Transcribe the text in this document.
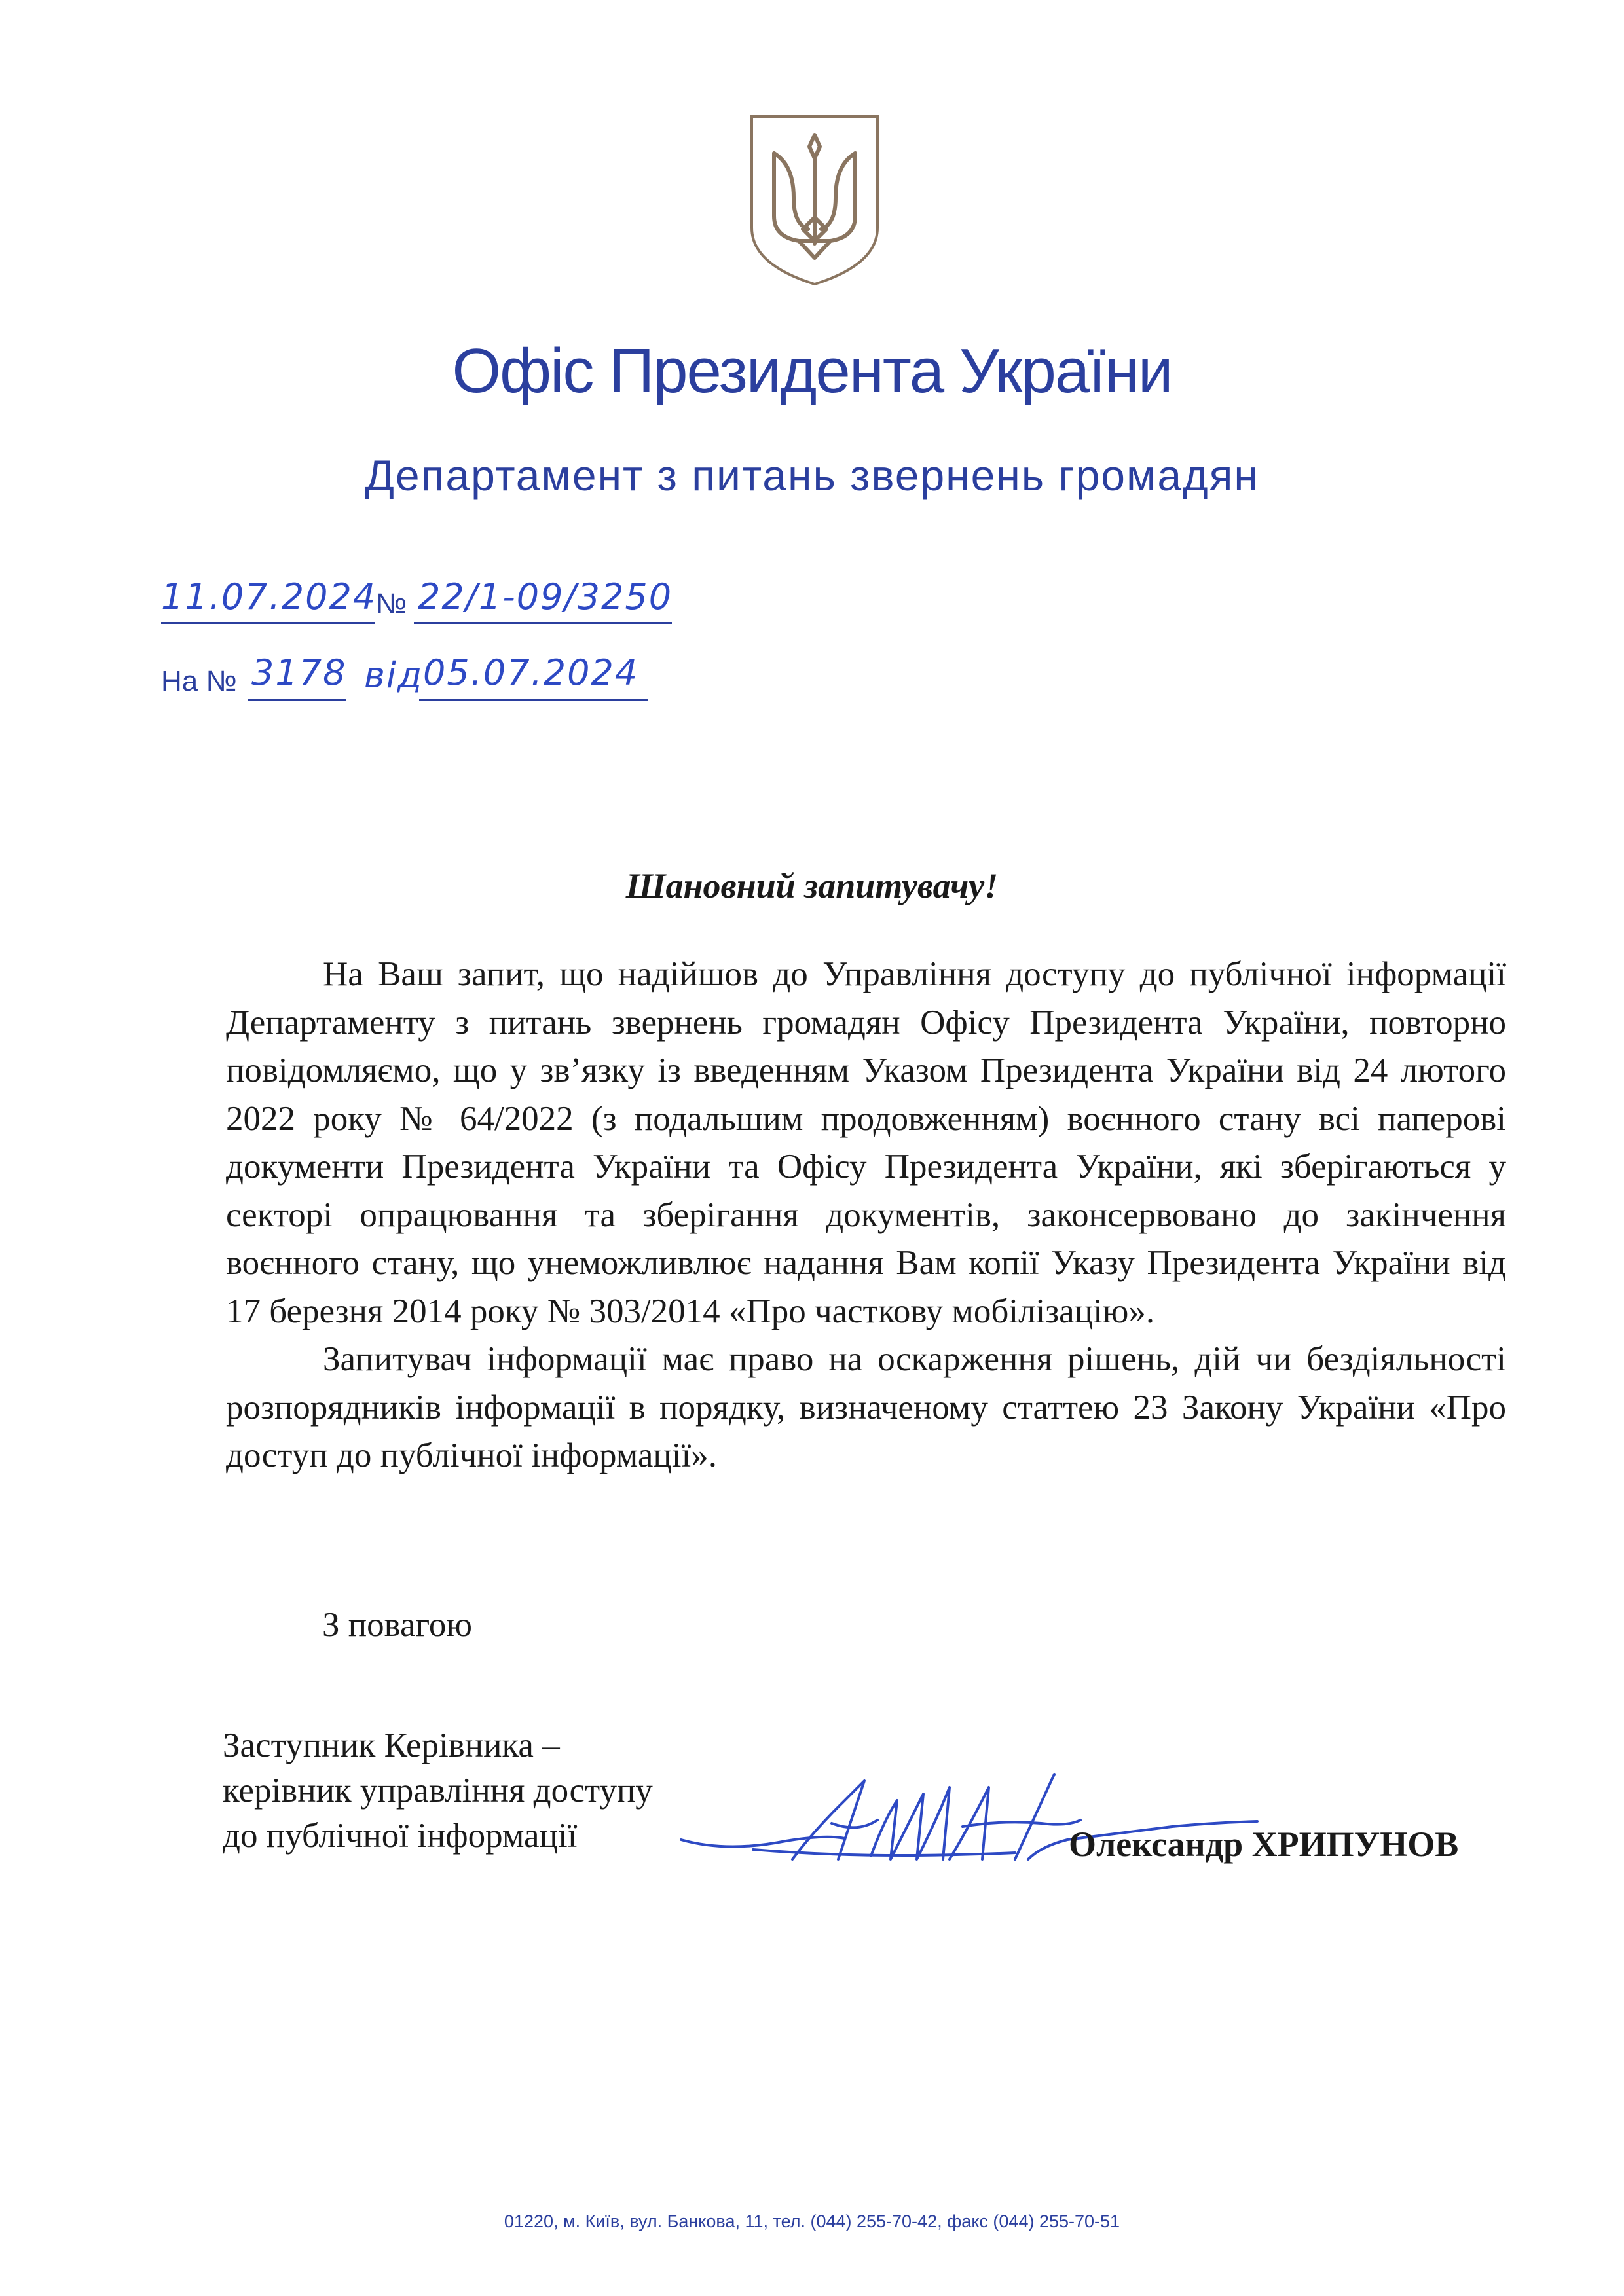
Офіс Президента України
Департамент з питань звернень громадян
11.07.2024
№ 22/1-09/3250
На № 3178 від 05.07.2024
Шановний запитувачу!

На Ваш запит, що надійшов до Управління доступу до публічної інформації Департаменту з питань звернень громадян Офісу Президента України, повторно повідомляємо, що у зв’язку із введенням Указом Президента України від 24 лютого 2022 року № 64/2022 (з подальшим продовженням) воєнного стану всі паперові документи Президента України та Офісу Президента України, які зберігаються у секторі опрацювання та зберігання документів, законсервовано до закінчення воєнного стану, що унеможливлює надання Вам копії Указу Президента України від 17 березня 2014 року № 303/2014 «Про часткову мобілізацію».

Запитувач інформації має право на оскарження рішень, дій чи бездіяльності розпорядників інформації в порядку, визначеному статтею 23 Закону України «Про доступ до публічної інформації».

З повагою
Заступник Керівника –
керівник управління доступу
до публічної інформації	Олександр ХРИПУНОВ
01220, м. Київ, вул. Банкова, 11, тел. (044) 255-70-42, факс (044) 255-70-51
